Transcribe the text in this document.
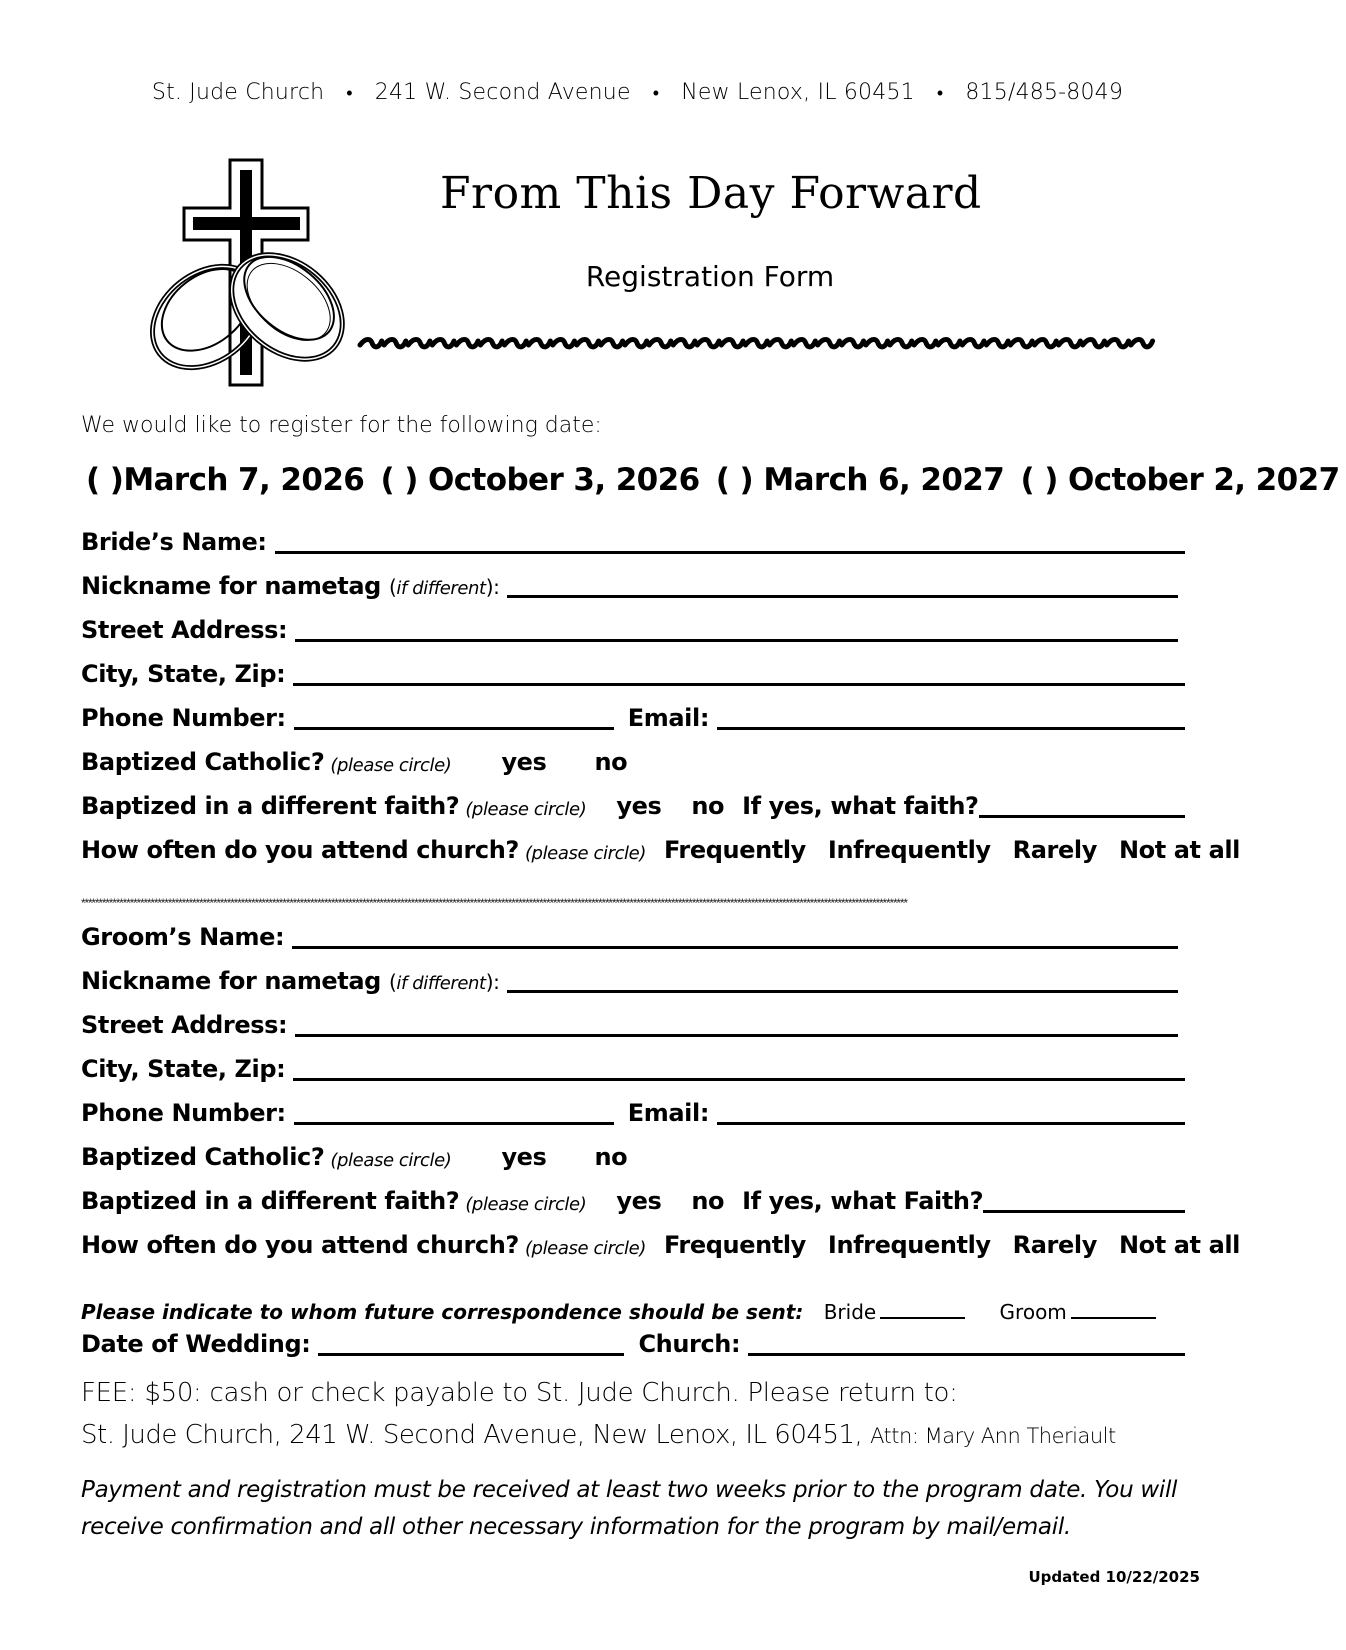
St. Jude Church • 241 W. Second Avenue • New Lenox, IL 60451 • 815/485-8049
From This Day Forward
Registration Form
We would like to register for the following date:
( )March 7, 2026 ( ) October 3, 2026 ( ) March 6, 2027 ( ) October 2, 2027
Bride’s Name:
Nickname for nametag (if different):
Street Address:
City, State, Zip:
Phone Number:	Email:
Baptized Catholic? (please circle) yes no
Baptized in a different faith? (please circle) yes no If yes, what faith?
How often do you attend church? (please circle) Frequently Infrequently Rarely Not at all
**********************************************************************************************************************************************************************************************************************************************
Groom’s Name:
Nickname for nametag (if different):
Street Address:
City, State, Zip:
Phone Number:	Email:
Baptized Catholic? (please circle) yes no
Baptized in a different faith? (please circle) yes no If yes, what Faith?
How often do you attend church? (please circle) Frequently Infrequently Rarely Not at all
Please indicate to whom future correspondence should be sent: Bride	Groom
Date of Wedding:	Church:
FEE: $50: cash or check payable to St. Jude Church. Please return to:
St. Jude Church, 241 W. Second Avenue, New Lenox, IL 60451, Attn: Mary Ann Theriault
Payment and registration must be received at least two weeks prior to the program date. You will receive confirmation and all other necessary information for the program by mail/email.
Updated 10/22/2025
